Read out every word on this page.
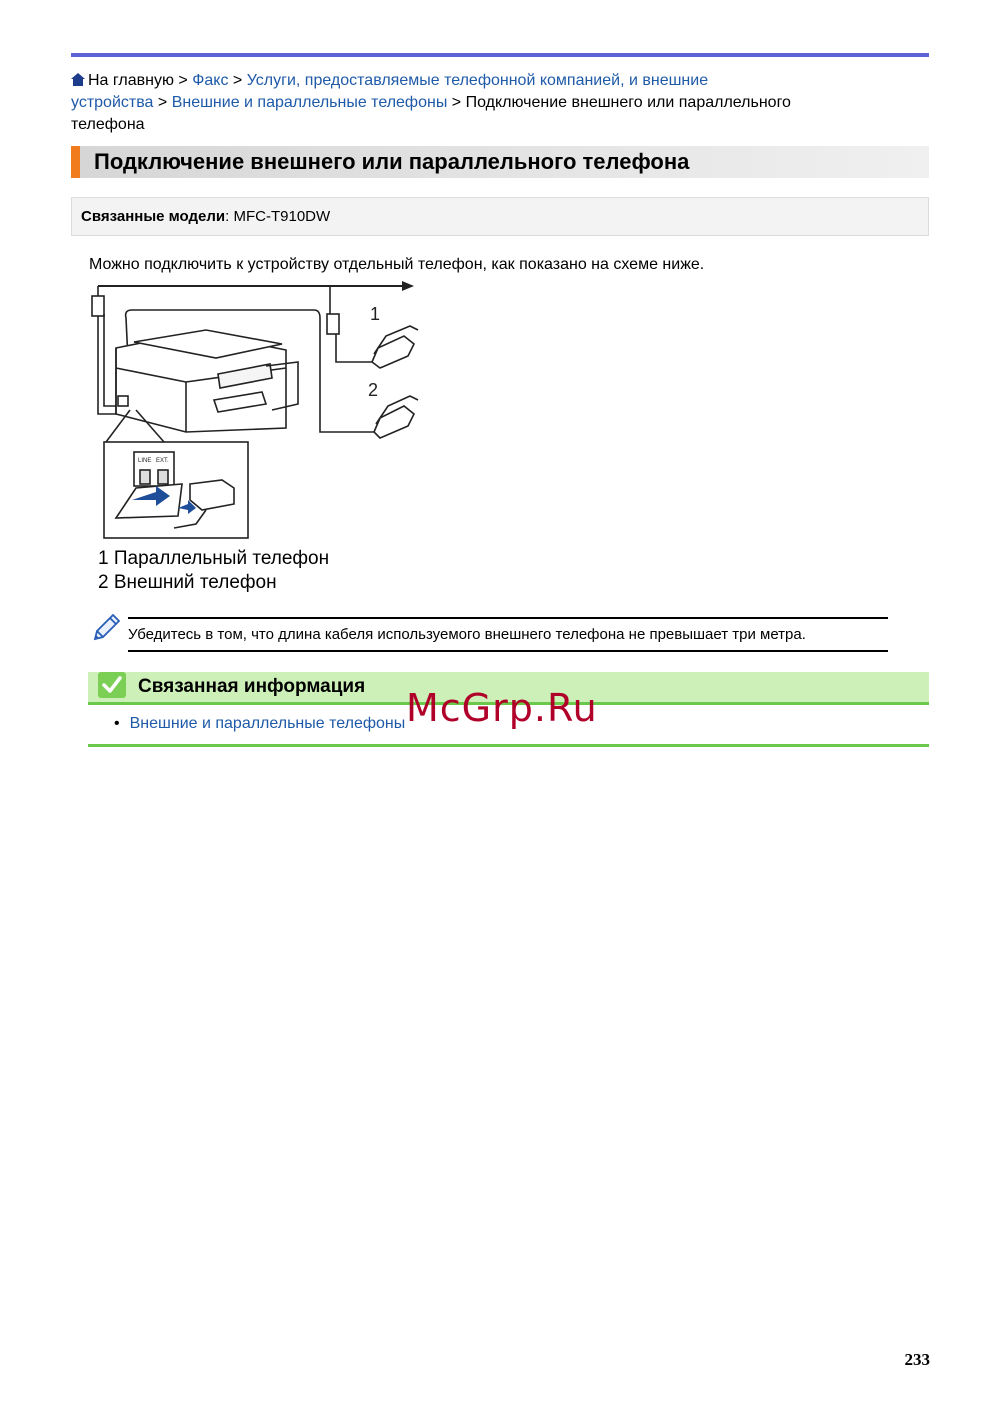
На главную > Факс > Услуги, предоставляемые телефонной компанией, и внешние
устройства > Внешние и параллельные телефоны > Подключение внешнего или параллельного
телефона
Подключение внешнего или параллельного телефона
Связанные модели: MFC-T910DW
Можно подключить к устройству отдельный телефон, как показано на схеме ниже.
1
2
LINE EXT.
1 Параллельный телефон
2 Внешний телефон
Убедитесь в том, что длина кабеля используемого внешнего телефона не превышает три метра.
Связанная информация
• Внешние и параллельные телефоны McGrp.Ru
233
